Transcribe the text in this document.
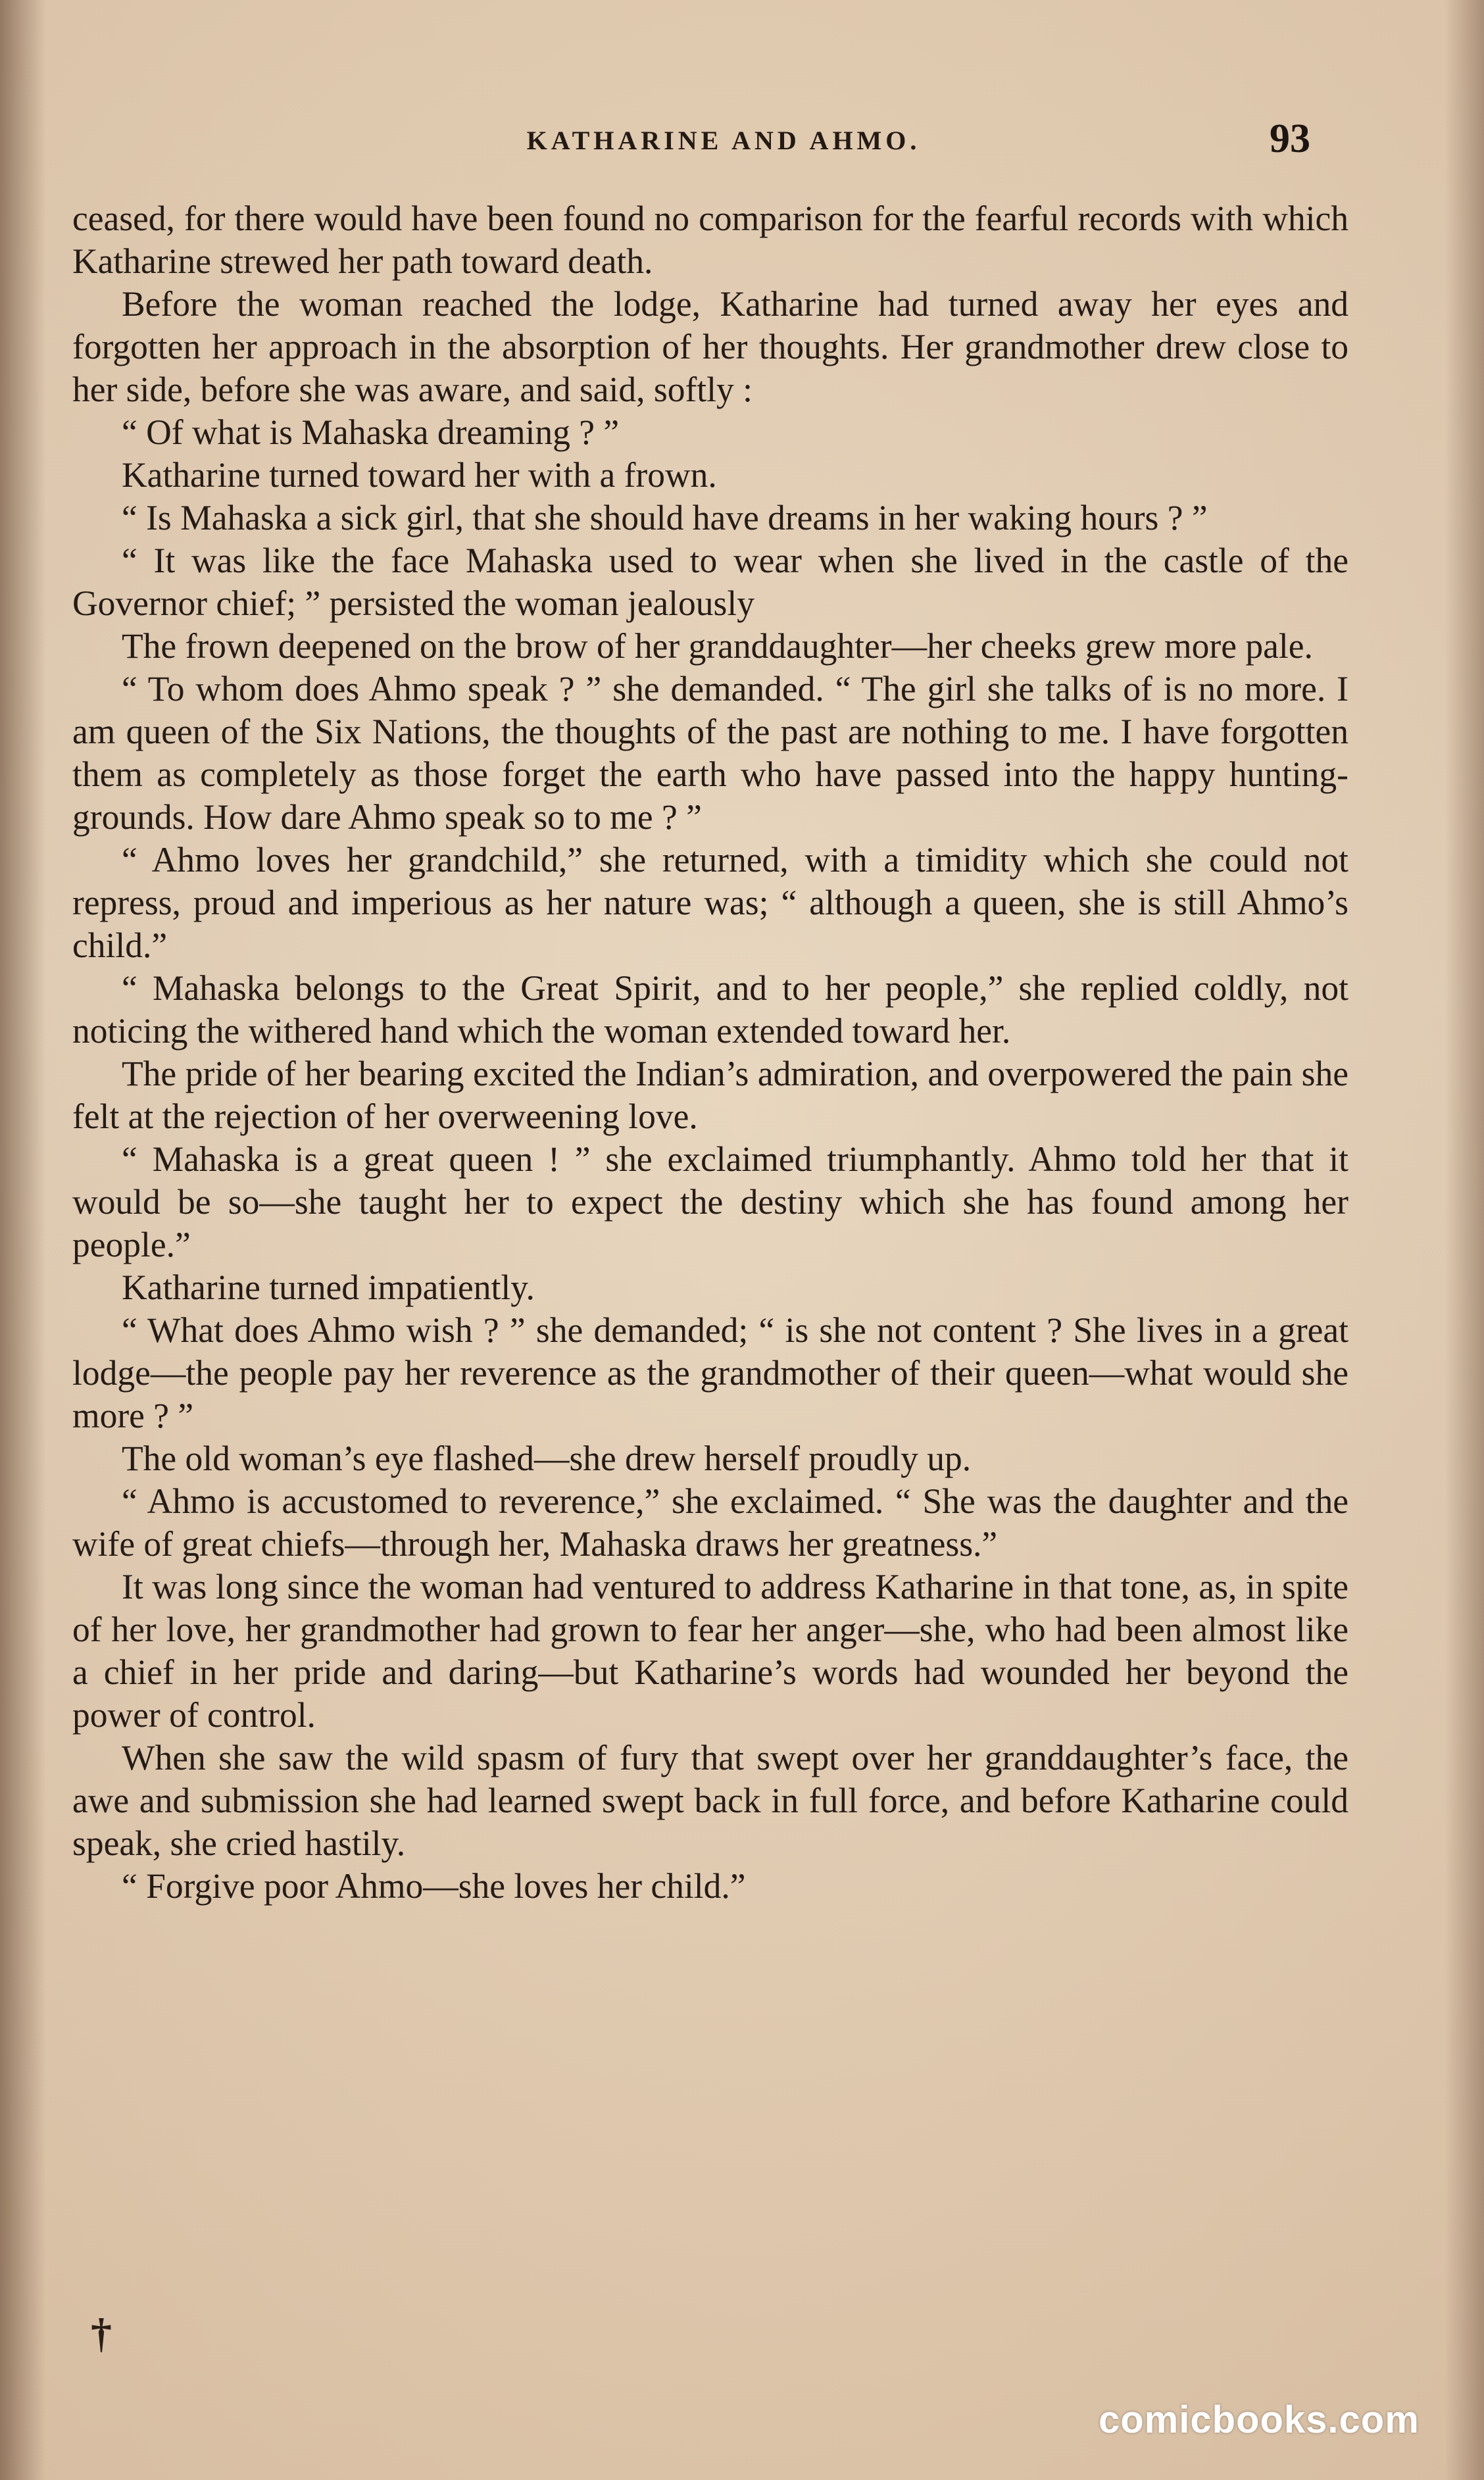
KATHARINE AND AHMO.	93

ceased, for there would have been found no comparison for the fearful records with which Katharine strewed her path toward death.

Before the woman reached the lodge, Katharine had turned away her eyes and forgotten her approach in the absorption of her thoughts. Her grandmother drew close to her side, before she was aware, and said, softly :

“ Of what is Mahaska dreaming ? ”

Katharine turned toward her with a frown.

“ Is Mahaska a sick girl, that she should have dreams in her waking hours ? ”

“ It was like the face Mahaska used to wear when she lived in the castle of the Governor chief; ” persisted the woman jealously

The frown deepened on the brow of her granddaughter—her cheeks grew more pale.

“ To whom does Ahmo speak ? ” she demanded. “ The girl she talks of is no more. I am queen of the Six Nations, the thoughts of the past are nothing to me. I have forgotten them as completely as those forget the earth who have passed into the happy hunting-grounds. How dare Ahmo speak so to me ? ”

“ Ahmo loves her grandchild,” she returned, with a timidity which she could not repress, proud and imperious as her nature was; “ although a queen, she is still Ahmo’s child.”

“ Mahaska belongs to the Great Spirit, and to her people,” she replied coldly, not noticing the withered hand which the woman extended toward her.

The pride of her bearing excited the Indian’s admiration, and overpowered the pain she felt at the rejection of her overweening love.

“ Mahaska is a great queen ! ” she exclaimed triumphantly. Ahmo told her that it would be so—she taught her to expect the destiny which she has found among her people.”

Katharine turned impatiently.

“ What does Ahmo wish ? ” she demanded; “ is she not content ? She lives in a great lodge—the people pay her reverence as the grandmother of their queen—what would she more ? ”

The old woman’s eye flashed—she drew herself proudly up.

“ Ahmo is accustomed to reverence,” she exclaimed. “ She was the daughter and the wife of great chiefs—through her, Mahaska draws her greatness.”

It was long since the woman had ventured to address Katharine in that tone, as, in spite of her love, her grandmother had grown to fear her anger—she, who had been almost like a chief in her pride and daring—but Katharine’s words had wounded her beyond the power of control.

When she saw the wild spasm of fury that swept over her granddaughter’s face, the awe and submission she had learned swept back in full force, and before Katharine could speak, she cried hastily.

“ Forgive poor Ahmo—she loves her child.”

†
comicbooks.com
